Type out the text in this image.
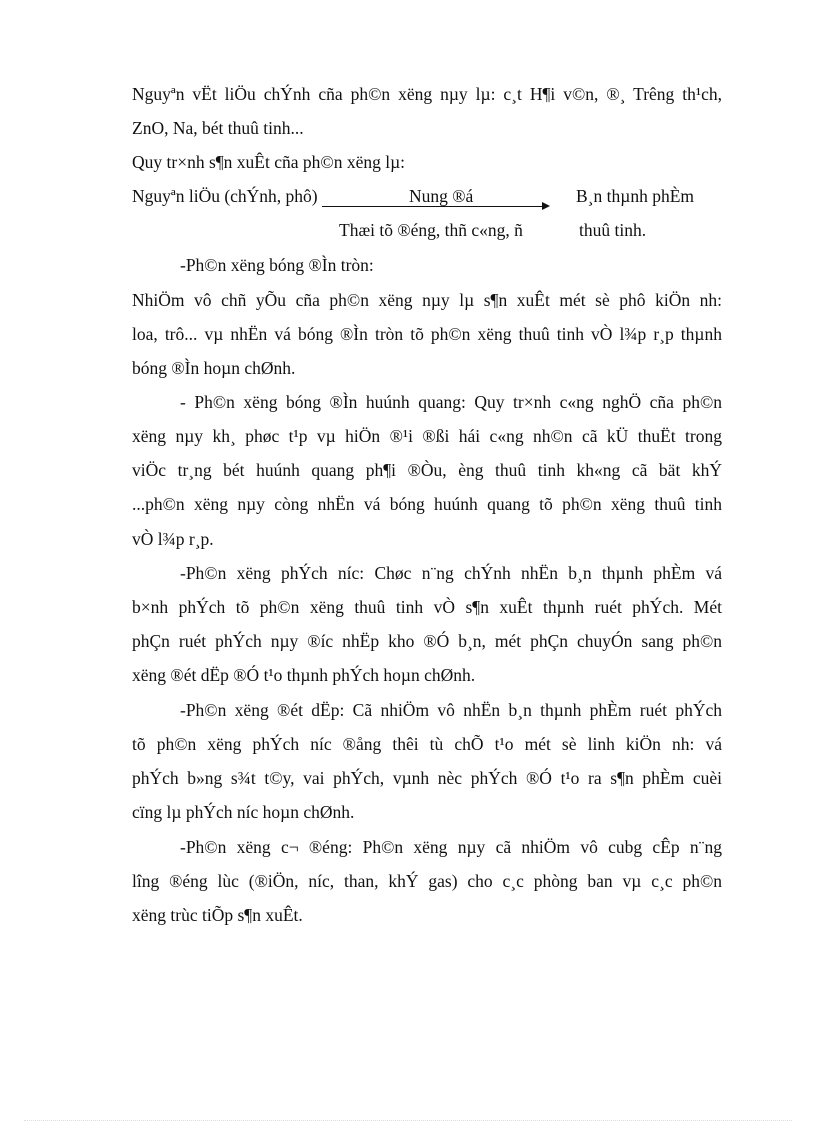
Nguyªn vËt liÖu chÝnh cña ph©n xëng nµy lµ: c¸t H¶i v©n, ®¸ Trêng th¹ch,
ZnO, Na, bét thuû tinh...
Quy tr×nh s¶n xuÊt cña ph©n xëng lµ:
Nguyªn liÖu (chÝnh, phô)	Nung ®á	B¸n thµnh phÈm
Thæi tõ ®éng, thñ c«ng, ñ	thuû tinh.
-Ph©n xëng bóng ®Ìn tròn:
NhiÖm vô chñ yÕu cña ph©n xëng nµy lµ s¶n xuÊt mét sè phô kiÖn nh:
loa, trô... vµ nhËn vá bóng ®Ìn tròn tõ ph©n xëng thuû tinh vÒ l¾p r¸p thµnh
bóng ®Ìn hoµn chØnh.
- Ph©n xëng bóng ®Ìn huúnh quang: Quy tr×nh c«ng nghÖ cña ph©n
xëng nµy kh¸ phøc t¹p vµ hiÖn ®¹i ®ßi hái c«ng nh©n cã kÜ thuËt trong
viÖc tr¸ng bét huúnh quang ph¶i ®Òu, èng thuû tinh kh«ng cã bät khÝ
...ph©n xëng nµy còng nhËn vá bóng huúnh quang tõ ph©n xëng thuû tinh
vÒ l¾p r¸p.
-Ph©n xëng phÝch níc: Chøc n¨ng chÝnh nhËn b¸n thµnh phÈm vá
b×nh phÝch tõ ph©n xëng thuû tinh vÒ s¶n xuÊt thµnh ruét phÝch. Mét
phÇn ruét phÝch nµy ®íc nhËp kho ®Ó b¸n, mét phÇn chuyÓn sang ph©n
xëng ®ét dËp ®Ó t¹o thµnh phÝch hoµn chØnh.
-Ph©n xëng ®ét dËp: Cã nhiÖm vô nhËn b¸n thµnh phÈm ruét phÝch
tõ ph©n xëng phÝch níc ®ång thêi tù chÕ t¹o mét sè linh kiÖn nh: vá
phÝch b»ng s¾t t©y, vai phÝch, vµnh nèc phÝch ®Ó t¹o ra s¶n phÈm cuèi
cïng lµ phÝch níc hoµn chØnh.
-Ph©n xëng c¬ ®éng: Ph©n xëng nµy cã nhiÖm vô cubg cÊp n¨ng
lîng ®éng lùc (®iÖn, níc, than, khÝ gas) cho c¸c phòng ban vµ c¸c ph©n
xëng trùc tiÕp s¶n xuÊt.
